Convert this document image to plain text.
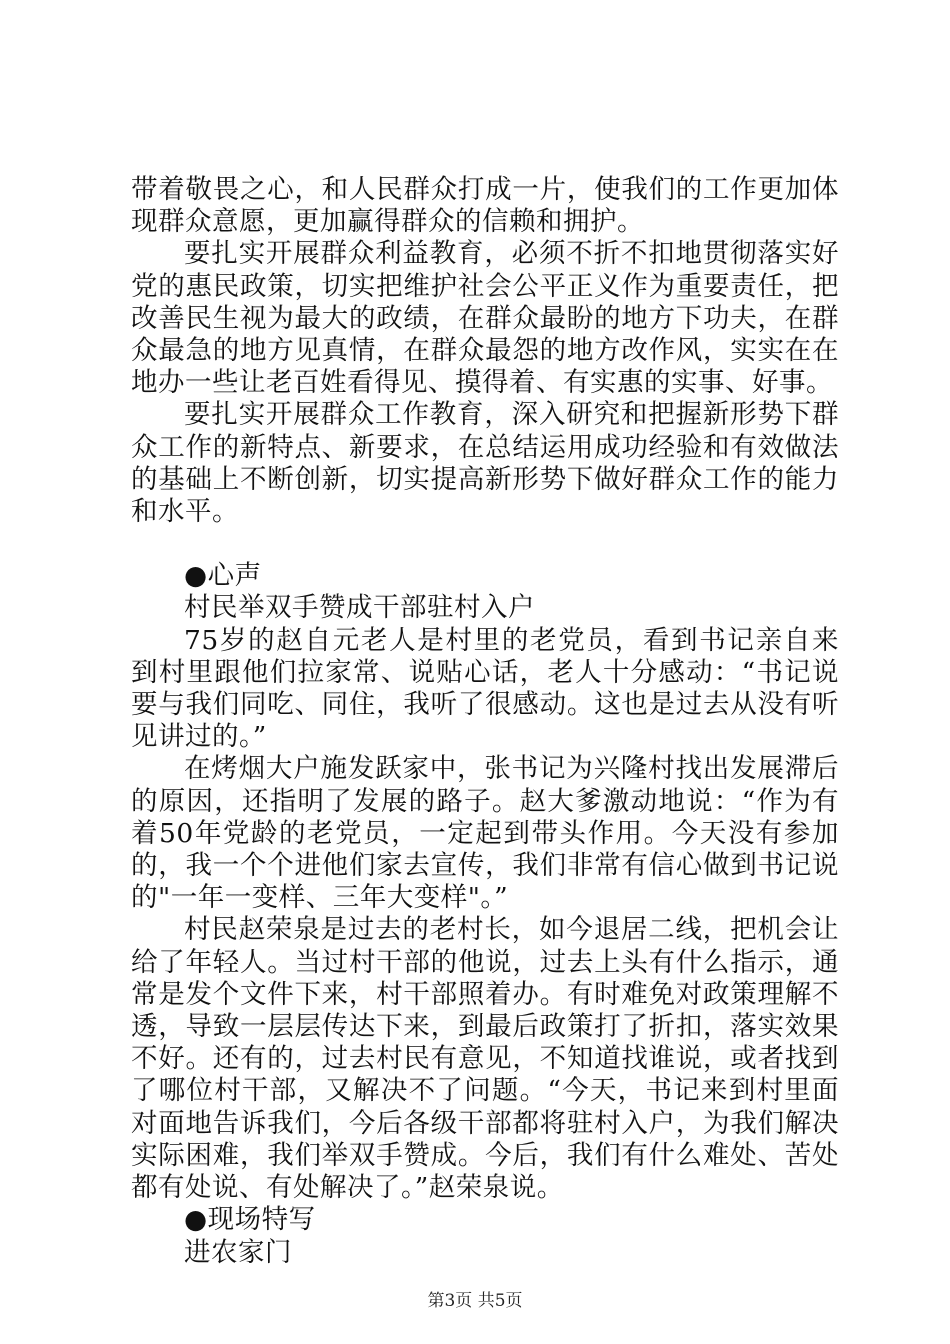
带着敬畏之心，和人民群众打成一片，使我们的工作更加体现群众意愿，更加赢得群众的信赖和拥护。

要扎实开展群众利益教育，必须不折不扣地贯彻落实好党的惠民政策，切实把维护社会公平正义作为重要责任，把改善民生视为最大的政绩，在群众最盼的地方下功夫，在群众最急的地方见真情，在群众最怨的地方改作风，实实在在地办一些让老百姓看得见、摸得着、有实惠的实事、好事。

要扎实开展群众工作教育，深入研究和把握新形势下群众工作的新特点、新要求，在总结运用成功经验和有效做法的基础上不断创新，切实提高新形势下做好群众工作的能力和水平。

●心声

村民举双手赞成干部驻村入户

75岁的赵自元老人是村里的老党员，看到书记亲自来到村里跟他们拉家常、说贴心话，老人十分感动：“书记说要与我们同吃、同住，我听了很感动。这也是过去从没有听见讲过的。”

在烤烟大户施发跃家中，张书记为兴隆村找出发展滞后的原因，还指明了发展的路子。赵大爹激动地说：“作为有着50年党龄的老党员，一定起到带头作用。今天没有参加的，我一个个进他们家去宣传，我们非常有信心做到书记说的"一年一变样、三年大变样"。”

村民赵荣泉是过去的老村长，如今退居二线，把机会让给了年轻人。当过村干部的他说，过去上头有什么指示，通常是发个文件下来，村干部照着办。有时难免对政策理解不透，导致一层层传达下来，到最后政策打了折扣，落实效果不好。还有的，过去村民有意见，不知道找谁说，或者找到了哪位村干部，又解决不了问题。“今天，书记来到村里面对面地告诉我们，今后各级干部都将驻村入户，为我们解决实际困难，我们举双手赞成。今后，我们有什么难处、苦处都有处说、有处解决了。”赵荣泉说。

●现场特写

进农家门

第3页 共5页
